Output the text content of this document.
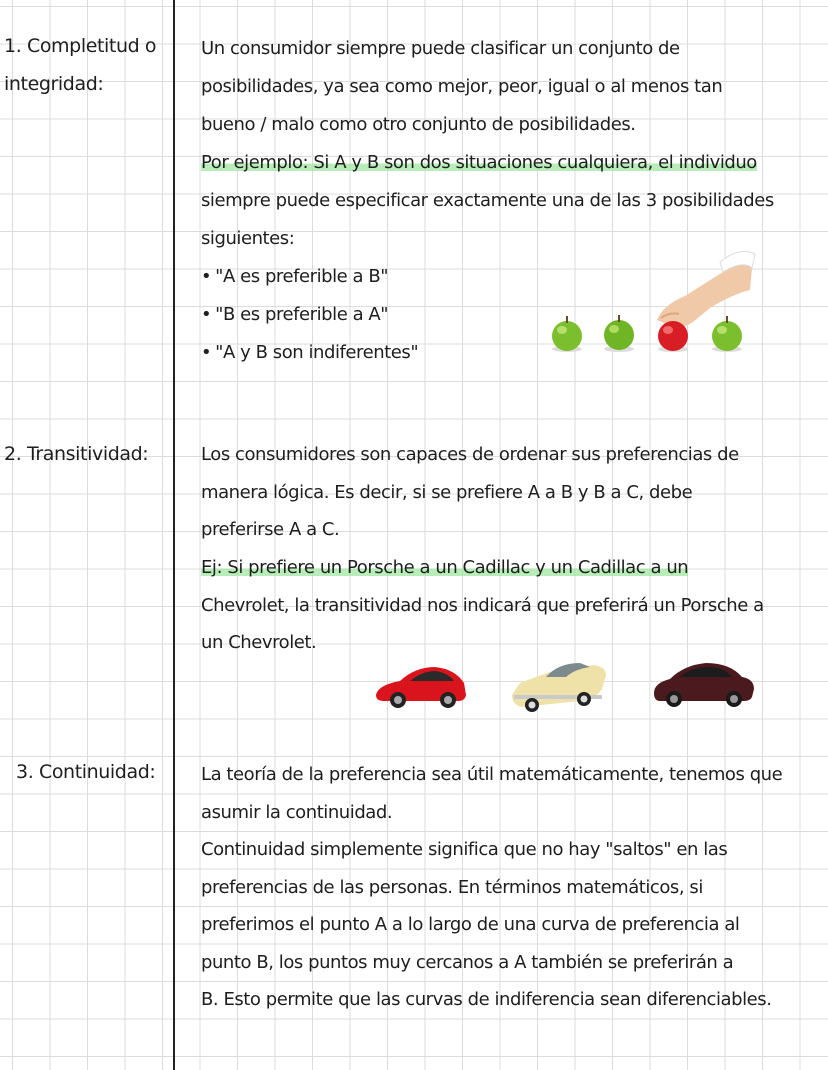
1. Completitud o
integridad:
Un consumidor siempre puede clasificar un conjunto de
posibilidades, ya sea como mejor, peor, igual o al menos tan
bueno / malo como otro conjunto de posibilidades.
Por ejemplo: Si A y B son dos situaciones cualquiera, el individuo
siempre puede especificar exactamente una de las 3 posibilidades
siguientes:
• "A es preferible a B"
• "B es preferible a A"
• "A y B son indiferentes"
2. Transitividad:	Los consumidores son capaces de ordenar sus preferencias de
manera lógica. Es decir, si se prefiere A a B y B a C, debe
preferirse A a C.
Ej: Si prefiere un Porsche a un Cadillac y un Cadillac a un
Chevrolet, la transitividad nos indicará que preferirá un Porsche a
un Chevrolet.
3. Continuidad:	La teoría de la preferencia sea útil matemáticamente, tenemos que
asumir la continuidad.
Continuidad simplemente significa que no hay "saltos" en las
preferencias de las personas. En términos matemáticos, si
preferimos el punto A a lo largo de una curva de preferencia al
punto B, los puntos muy cercanos a A también se preferirán a
B. Esto permite que las curvas de indiferencia sean diferenciables.
